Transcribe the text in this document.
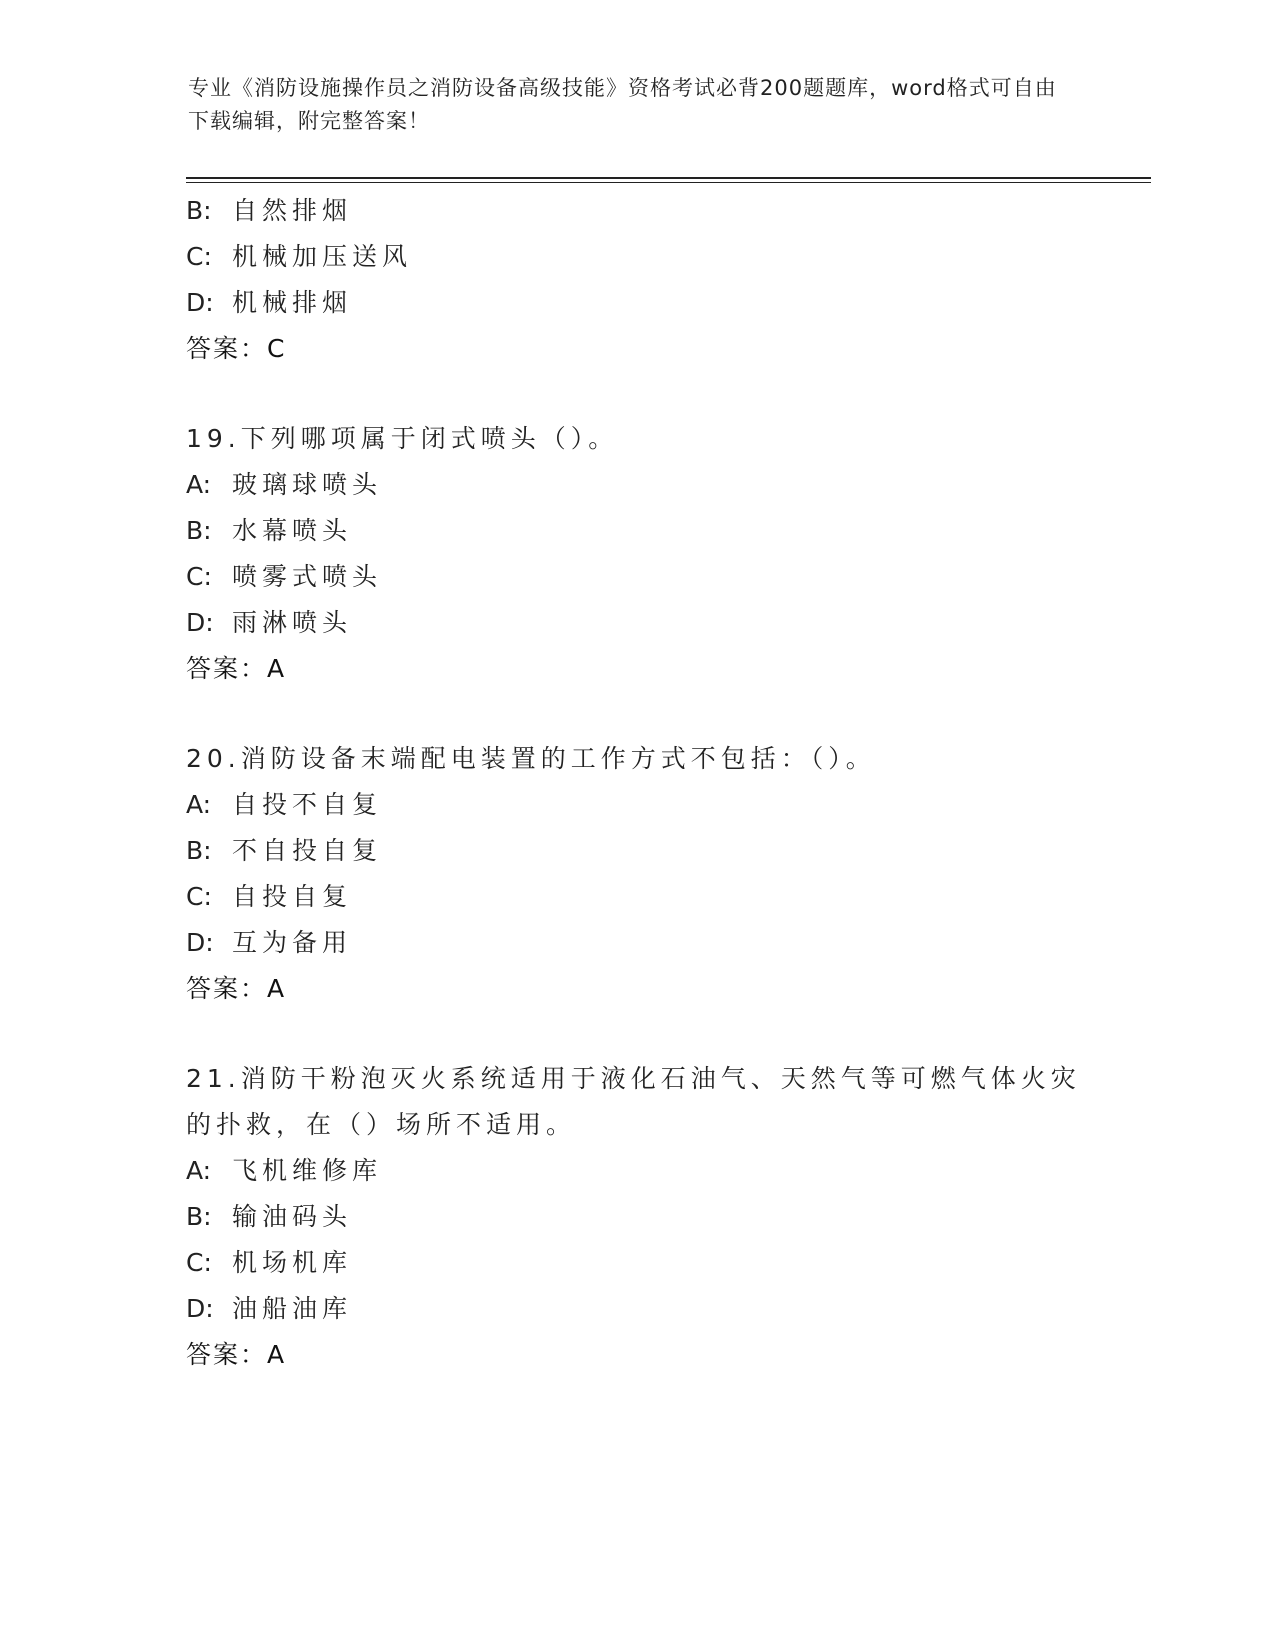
专业《消防设施操作员之消防设备高级技能》资格考试必背200题题库，word格式可自由下载编辑，附完整答案！
B: 自然排烟
C: 机械加压送风
D: 机械排烟
答案：C
19.下列哪项属于闭式喷头（）。
A: 玻璃球喷头
B: 水幕喷头
C: 喷雾式喷头
D: 雨淋喷头
答案：A
20.消防设备末端配电装置的工作方式不包括：（）。
A: 自投不自复
B: 不自投自复
C: 自投自复
D: 互为备用
答案：A
21.消防干粉泡灭火系统适用于液化石油气、天然气等可燃气体火灾的扑救，在（）场所不适用。
A: 飞机维修库
B: 输油码头
C: 机场机库
D: 油船油库
答案：A
